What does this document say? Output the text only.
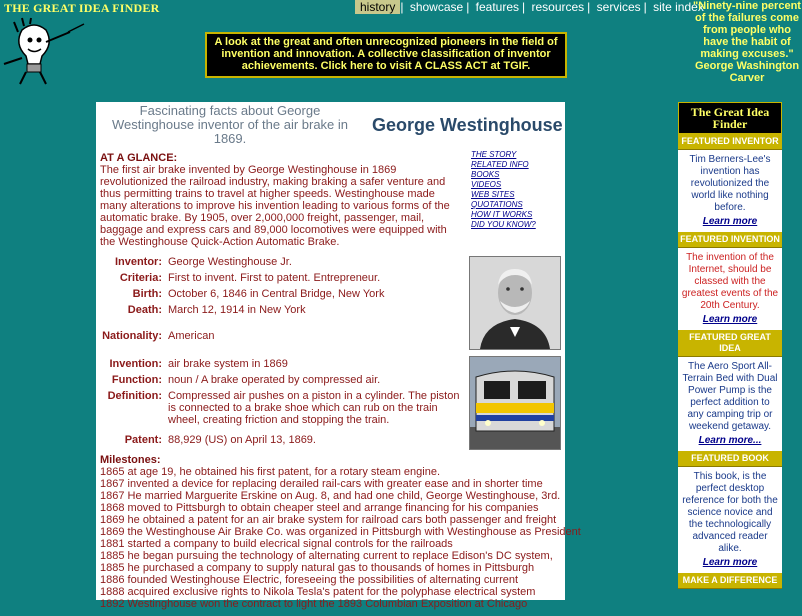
THE GREAT IDEA FINDER	history | showcase | features | resources | services | site index
A look at the great and often unrecognized pioneers in the field of invention and innovation. A collective classification of inventor achievements. Click here to visit A CLASS ACT at TGIF.
"Ninety-nine percent of the failures come from people who have the habit of making excuses."
George Washington Carver
Fascinating facts about George Westinghouse inventor of the air brake in 1869.
George Westinghouse
AT A GLANCE:
The first air brake invented by George Westinghouse in 1869 revolutionized the railroad industry, making braking a safer venture and thus permitting trains to travel at higher speeds. Westinghouse made many alterations to improve his invention leading to various forms of the automatic brake. By 1905, over 2,000,000 freight, passenger, mail, baggage and express cars and 89,000 locomotives were equipped with the Westinghouse Quick-Action Automatic Brake.
THE STORY
RELATED INFO
BOOKS
VIDEOS
WEB SITES
QUOTATIONS
HOW IT WORKS
DID YOU KNOW?
Inventor: George Westinghouse Jr.
Criteria: First to invent. First to patent. Entrepreneur.
Birth: October 6, 1846 in Central Bridge, New York
Death: March 12, 1914 in New York
Nationality: American
Invention: air brake system in 1869
Function: noun / A brake operated by compressed air.
Definition: Compressed air pushes on a piston in a cylinder. The piston is connected to a brake shoe which can rub on the train wheel, creating friction and stopping the train.
Patent: 88,929 (US) on April 13, 1869.
Milestones:
1865 at age 19, he obtained his first patent, for a rotary steam engine.
1867 invented a device for replacing derailed rail-cars with greater ease and in shorter time
1867 He married Marguerite Erskine on Aug. 8, and had one child, George Westinghouse, 3rd.
1868 moved to Pittsburgh to obtain cheaper steel and arrange financing for his companies
1869 he obtained a patent for an air brake system for railroad cars both passenger and freight
1869 the Westinghouse Air Brake Co. was organized in Pittsburgh with Westinghouse as President
1881 started a company to build elecrical signal controls for the railroads
1885 he began pursuing the technology of alternating current to replace Edison's DC system,
1885 he purchased a company to supply natural gas to thousands of homes in Pittsburgh
1886 founded Westinghouse Electric, foreseeing the possibilities of alternating current
1888 acquired exclusive rights to Nikola Tesla's patent for the polyphase electrical system
1892 Westinghouse won the contract to light the 1893 Columbian Exposition at Chicago
The Great Idea Finder
FEATURED INVENTOR
Tim Berners-Lee's invention has revolutionized the world like nothing before.
Learn more
FEATURED INVENTION
The invention of the Internet, should be classed with the greatest events of the 20th Century.
Learn more
FEATURED GREAT IDEA
The Aero Sport All-Terrain Bed with Dual Power Pump is the perfect addition to any camping trip or weekend getaway.
Learn more...
FEATURED BOOK
This book, is the perfect desktop reference for both the science novice and the technologically advanced reader alike.
Learn more
MAKE A DIFFERENCE
